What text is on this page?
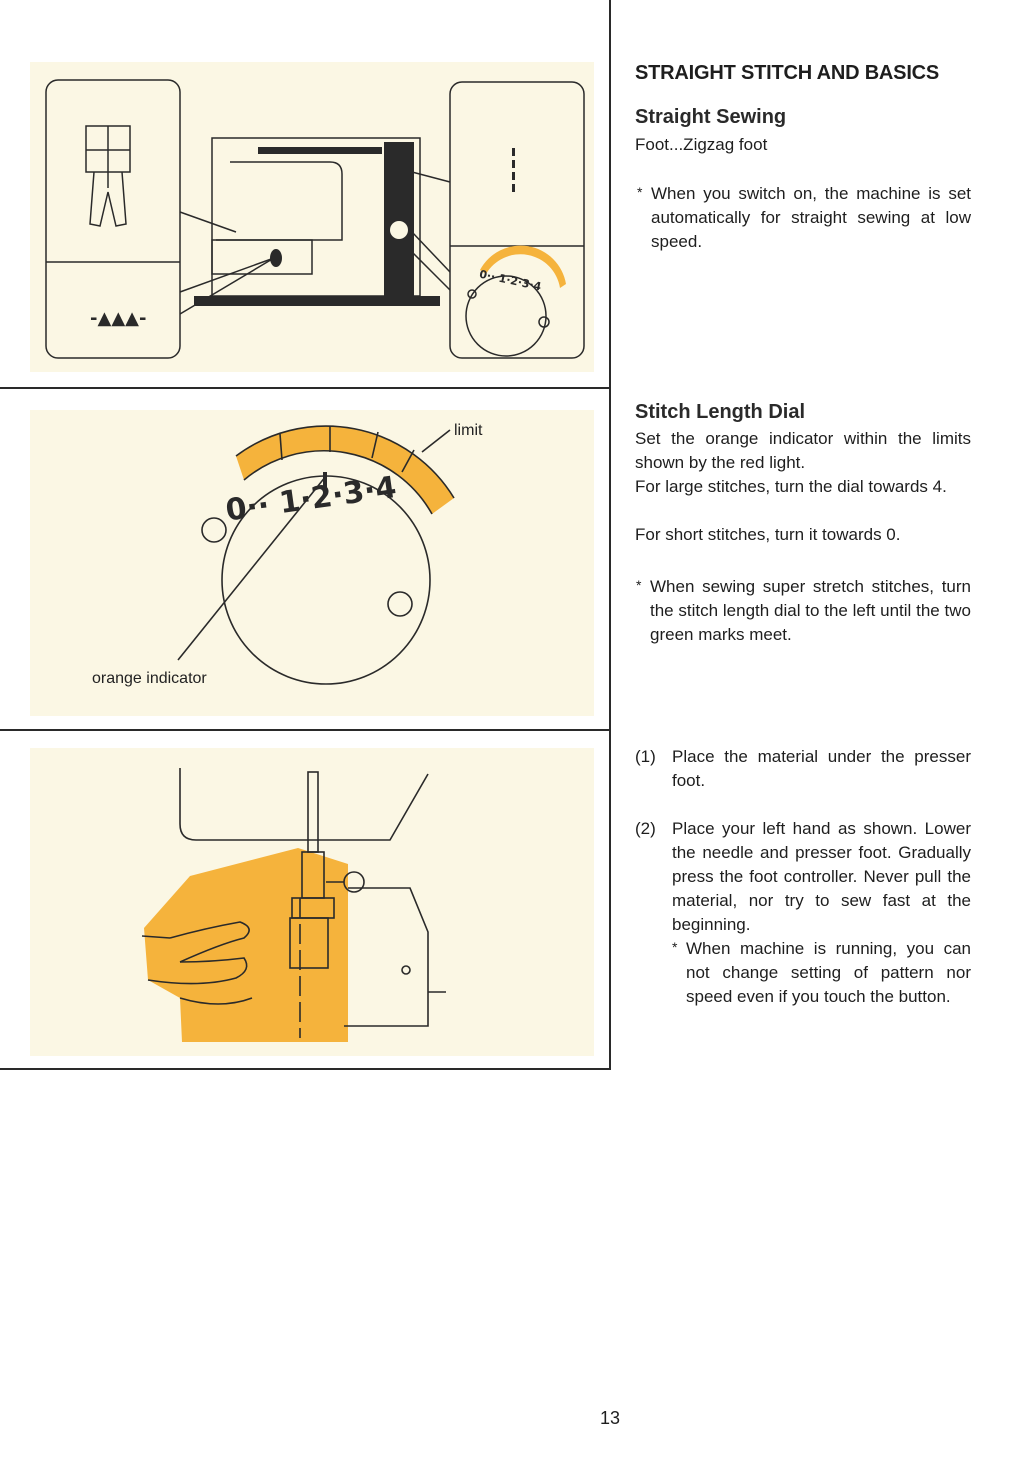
-▲▲▲-
0·· 1·2·3·4
0·· 1·2·3·4
limit
orange indicator
STRAIGHT STITCH AND BASICS
Straight Sewing
Foot...Zigzag foot
* When you switch on, the machine is set automatically for straight sewing at low speed.
Stitch Length Dial
Set the orange indicator within the limits shown by the red light.
For large stitches, turn the dial towards 4.
For short stitches, turn it towards 0.
* When sewing super stretch stitches, turn the stitch length dial to the left until the two green marks meet.
(1) Place the material under the presser foot.
(2) Place your left hand as shown. Lower the needle and presser foot. Gradually press the foot controller. Never pull the material, nor try to sew fast at the beginning.
* When machine is running, you can not change setting of pattern nor speed even if you touch the button.
13
